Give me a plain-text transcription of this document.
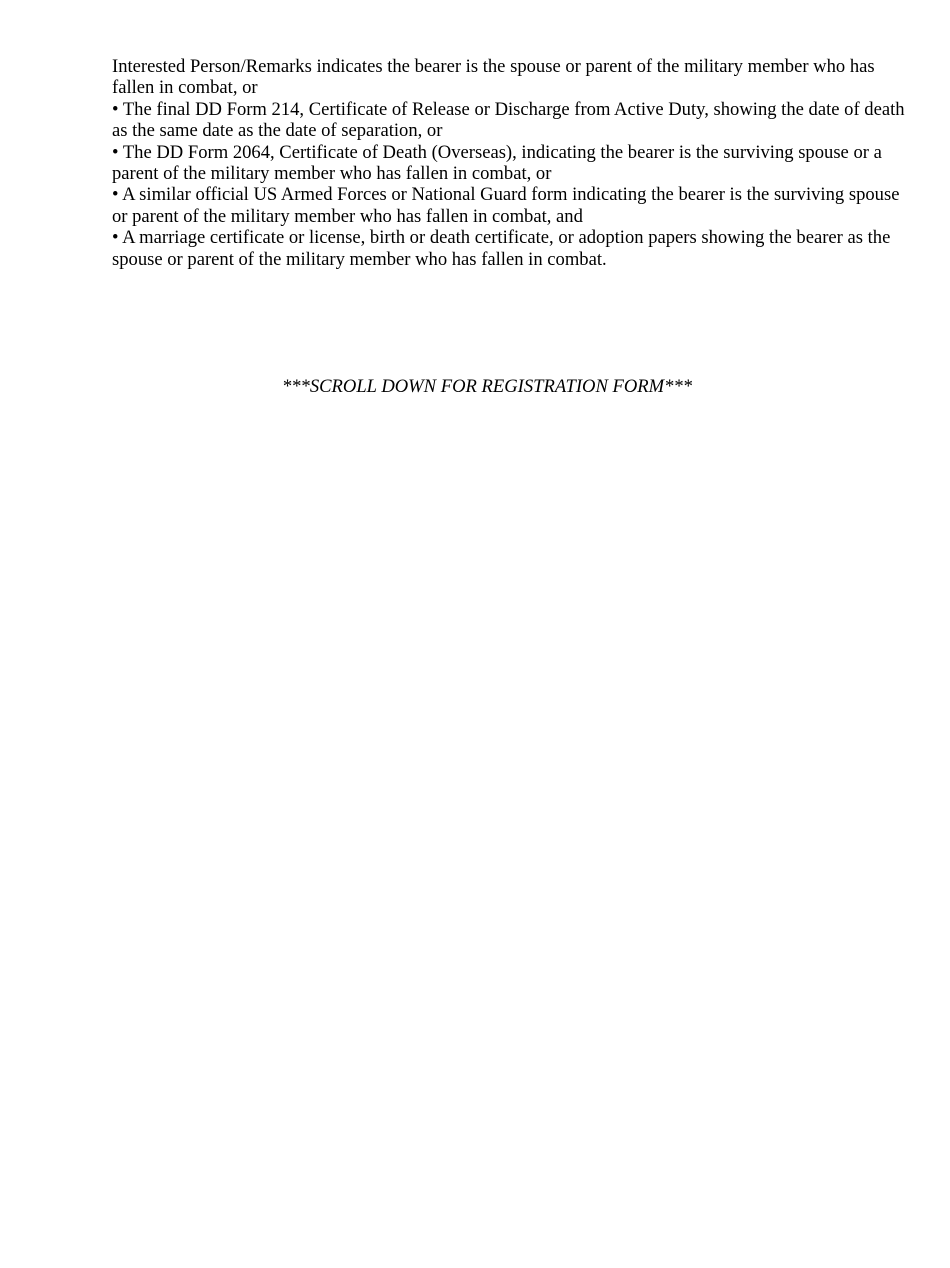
Interested Person/Remarks indicates the bearer is the spouse or parent of the military member who has fallen in combat, or

• The final DD Form 214, Certificate of Release or Discharge from Active Duty, showing the date of death as the same date as the date of separation, or

• The DD Form 2064, Certificate of Death (Overseas), indicating the bearer is the surviving spouse or a parent of the military member who has fallen in combat, or

• A similar official US Armed Forces or National Guard form indicating the bearer is the surviving spouse or parent of the military member who has fallen in combat, and

• A marriage certificate or license, birth or death certificate, or adoption papers showing the bearer as the spouse or parent of the military member who has fallen in combat.

***SCROLL DOWN FOR REGISTRATION FORM***
